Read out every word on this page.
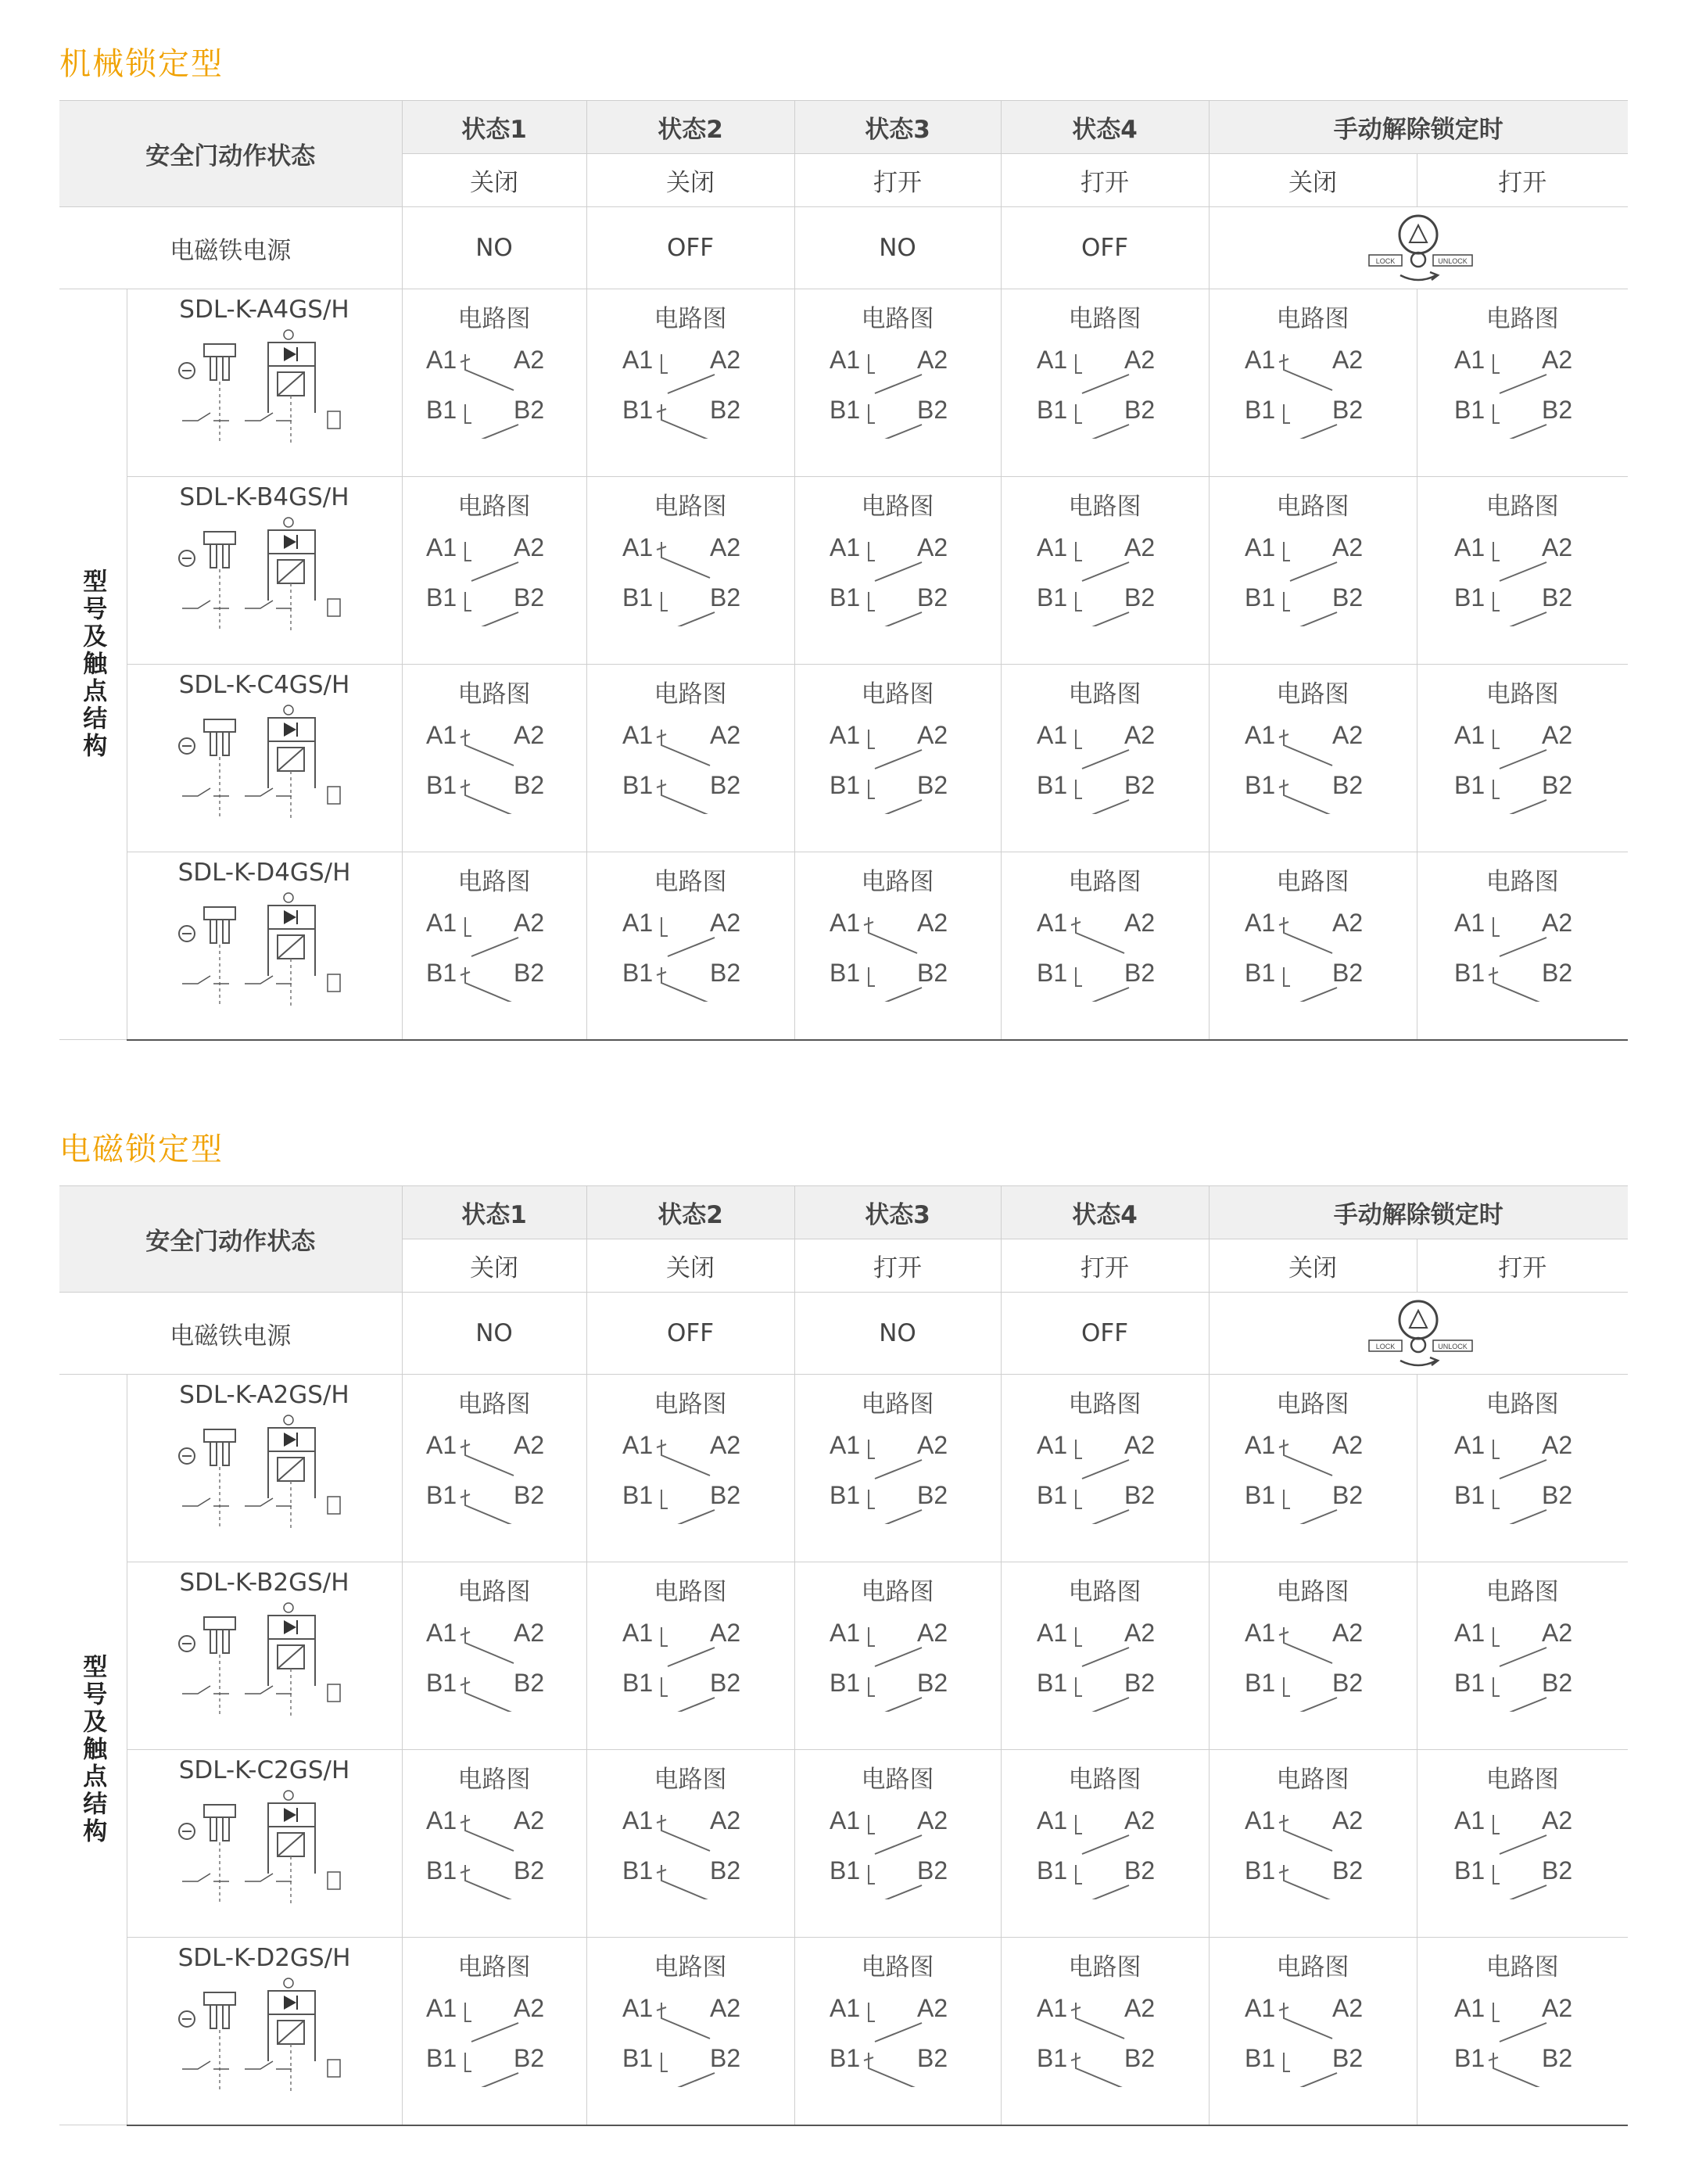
机械锁定型
安全门动作状态		状态1	状态2	状态3	状态4	手动解除锁定时	
		关闭	关闭	打开	打开	关闭	打开
电磁铁电源		NO	OFF	NO	OFF	LOCK UNLOCK	

型号及触点结构	SDL-K-A4GS/H	电路图
A1 A2
B1 B2	电路图
A1 A2
B1 B2	电路图
A1 A2
B1 B2	电路图
A1 A2
B1 B2	电路图
A1 A2
B1 B2	电路图
A1 A2
B1 B2

	SDL-K-B4GS/H	电路图
A1 A2
B1 B2	电路图
A1 A2
B1 B2	电路图
A1 A2
B1 B2	电路图
A1 A2
B1 B2	电路图
A1 A2
B1 B2	电路图
A1 A2
B1 B2

	SDL-K-C4GS/H	电路图
A1 A2
B1 B2	电路图
A1 A2
B1 B2	电路图
A1 A2
B1 B2	电路图
A1 A2
B1 B2	电路图
A1 A2
B1 B2	电路图
A1 A2
B1 B2

	SDL-K-D4GS/H	电路图
A1 A2
B1 B2	电路图
A1 A2
B1 B2	电路图
A1 A2
B1 B2	电路图
A1 A2
B1 B2	电路图
A1 A2
B1 B2	电路图
A1 A2
B1 B2
电磁锁定型
安全门动作状态		状态1	状态2	状态3	状态4	手动解除锁定时	
		关闭	关闭	打开	打开	关闭	打开
电磁铁电源		NO	OFF	NO	OFF	LOCK UNLOCK	

型号及触点结构	SDL-K-A2GS/H	电路图
A1 A2
B1 B2	电路图
A1 A2
B1 B2	电路图
A1 A2
B1 B2	电路图
A1 A2
B1 B2	电路图
A1 A2
B1 B2	电路图
A1 A2
B1 B2

	SDL-K-B2GS/H	电路图
A1 A2
B1 B2	电路图
A1 A2
B1 B2	电路图
A1 A2
B1 B2	电路图
A1 A2
B1 B2	电路图
A1 A2
B1 B2	电路图
A1 A2
B1 B2

	SDL-K-C2GS/H	电路图
A1 A2
B1 B2	电路图
A1 A2
B1 B2	电路图
A1 A2
B1 B2	电路图
A1 A2
B1 B2	电路图
A1 A2
B1 B2	电路图
A1 A2
B1 B2

	SDL-K-D2GS/H	电路图
A1 A2
B1 B2	电路图
A1 A2
B1 B2	电路图
A1 A2
B1 B2	电路图
A1 A2
B1 B2	电路图
A1 A2
B1 B2	电路图
A1 A2
B1 B2
